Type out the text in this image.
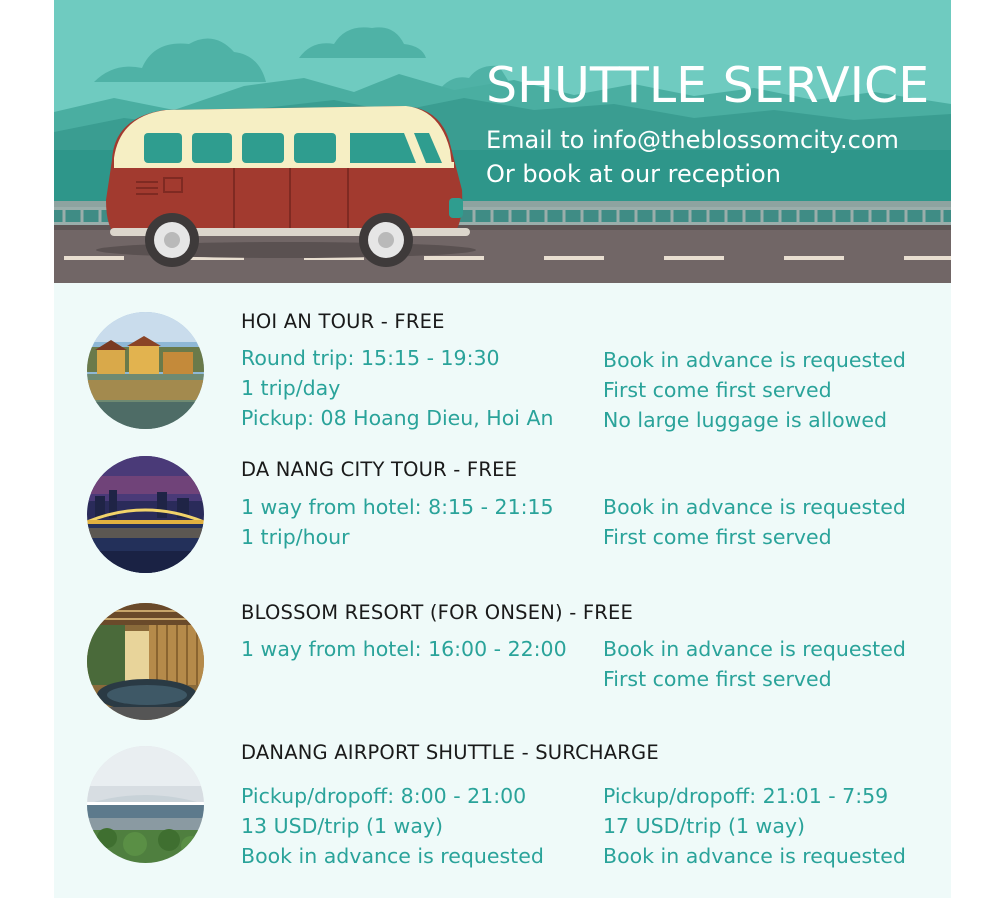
SHUTTLE SERVICE
Email to info@theblossomcity.com
Or book at our reception
HOI AN TOUR - FREE
Round trip: 15:15 - 19:30
1 trip/day
Pickup: 08 Hoang Dieu, Hoi An
Book in advance is requested
First come first served
No large luggage is allowed
DA NANG CITY TOUR - FREE
1 way from hotel: 8:15 - 21:15
1 trip/hour
Book in advance is requested
First come first served
BLOSSOM RESORT (FOR ONSEN) - FREE
1 way from hotel: 16:00 - 22:00 Book in advance is requested
First come first served
DANANG AIRPORT SHUTTLE - SURCHARGE
Pickup/dropoff: 8:00 - 21:00
13 USD/trip (1 way)
Book in advance is requested
Pickup/dropoff: 21:01 - 7:59
17 USD/trip (1 way)
Book in advance is requested
